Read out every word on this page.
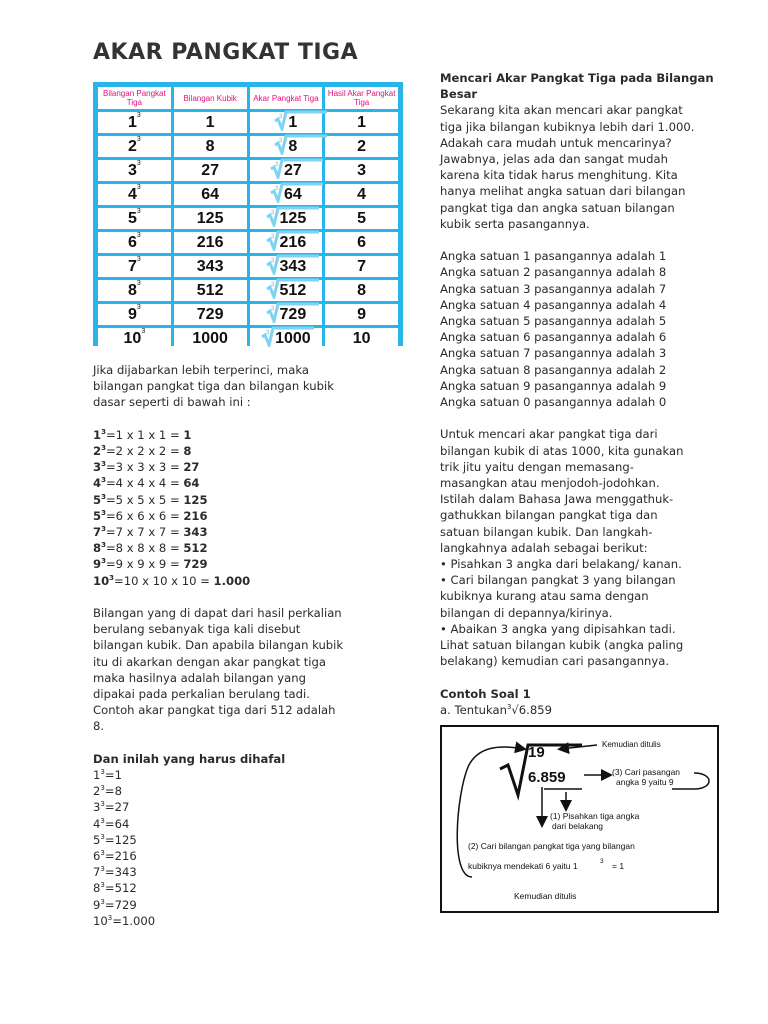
AKAR PANGKAT TIGA
Bilangan Pangkat Tiga	Bilangan Kubik	Akar Pangkat Tiga	Hasil Akar Pangkat Tiga
$1^3$	1	3 1	1
$2^3$	8	3 8	2
$3^3$	27	3 27	3
$4^3$	64	3 64	4
$5^3$	125	3 125	5
$6^3$	216	3 216	6
$7^3$	343	3 343	7
$8^3$	512	3 512	8
$9^3$	729	3 729	9
$10^3$	1000	3 1000	10

Jika dijabarkan lebih terperinci, maka

bilangan pangkat tiga dan bilangan kubik

dasar seperti di bawah ini :

$1^3=1$ x 1 x 1 = 1

$2^3=2$ x 2 x 2 = 8

$3^3=3$ x 3 x 3 = 27

$4^3=4$ x 4 x 4 = 64

$5^3=5$ x 5 x 5 = 125

$5^3=6$ x 6 x 6 = 216

$7^3=7$ x 7 x 7 = 343

$8^3=8$ x 8 x 8 = 512

$9^3=9$ x 9 x 9 = 729

$10^3=10$ x 10 x 10 = 1.000

Bilangan yang di dapat dari hasil perkalian

berulang sebanyak tiga kali disebut

bilangan kubik. Dan apabila bilangan kubik

itu di akarkan dengan akar pangkat tiga

maka hasilnya adalah bilangan yang

dipakai pada perkalian berulang tadi.

Contoh akar pangkat tiga dari 512 adalah

8.

Dan inilah yang harus dihafal

$1^3=1$

$2^3=8$

$3^3=27$

$4^3=64$

$5^3=125$

$6^3=216$

$7^3=343$

$8^3=512$

$9^3=729$

$10^3=1.000$

Mencari Akar Pangkat Tiga pada Bilangan

Besar

Sekarang kita akan mencari akar pangkat

tiga jika bilangan kubiknya lebih dari 1.000.

Adakah cara mudah untuk mencarinya?

Jawabnya, jelas ada dan sangat mudah

karena kita tidak harus menghitung. Kita

hanya melihat angka satuan dari bilangan

pangkat tiga dan angka satuan bilangan

kubik serta pasangannya.

Angka satuan 1 pasangannya adalah 1

Angka satuan 2 pasangannya adalah 8

Angka satuan 3 pasangannya adalah 7

Angka satuan 4 pasangannya adalah 4

Angka satuan 5 pasangannya adalah 5

Angka satuan 6 pasangannya adalah 6

Angka satuan 7 pasangannya adalah 3

Angka satuan 8 pasangannya adalah 2

Angka satuan 9 pasangannya adalah 9

Angka satuan 0 pasangannya adalah 0

Untuk mencari akar pangkat tiga dari

bilangan kubik di atas 1000, kita gunakan

trik jitu yaitu dengan memasang-

masangkan atau menjodoh-jodohkan.

Istilah dalam Bahasa Jawa menggathuk-

gathukkan bilangan pangkat tiga dan

satuan bilangan kubik. Dan langkah-

langkahnya adalah sebagai berikut:

• Pisahkan 3 angka dari belakang/ kanan.

• Cari bilangan pangkat 3 yang bilangan

kubiknya kurang atau sama dengan

bilangan di depannya/kirinya.

• Abaikan 3 angka yang dipisahkan tadi.

Lihat satuan bilangan kubik (angka paling

belakang) kemudian cari pasangannya.

Contoh Soal 1

a. Tentukan$^3$√6.859

19
6.859
Kemudian ditulis
(3) Cari pasangan
angka 9 yaitu 9
(1) Pisahkan tiga angka
dari belakang
(2) Cari bilangan pangkat tiga yang bilangan
kubiknya mendekati 6 yaitu 1	3 = 1
Kemudian ditulis
